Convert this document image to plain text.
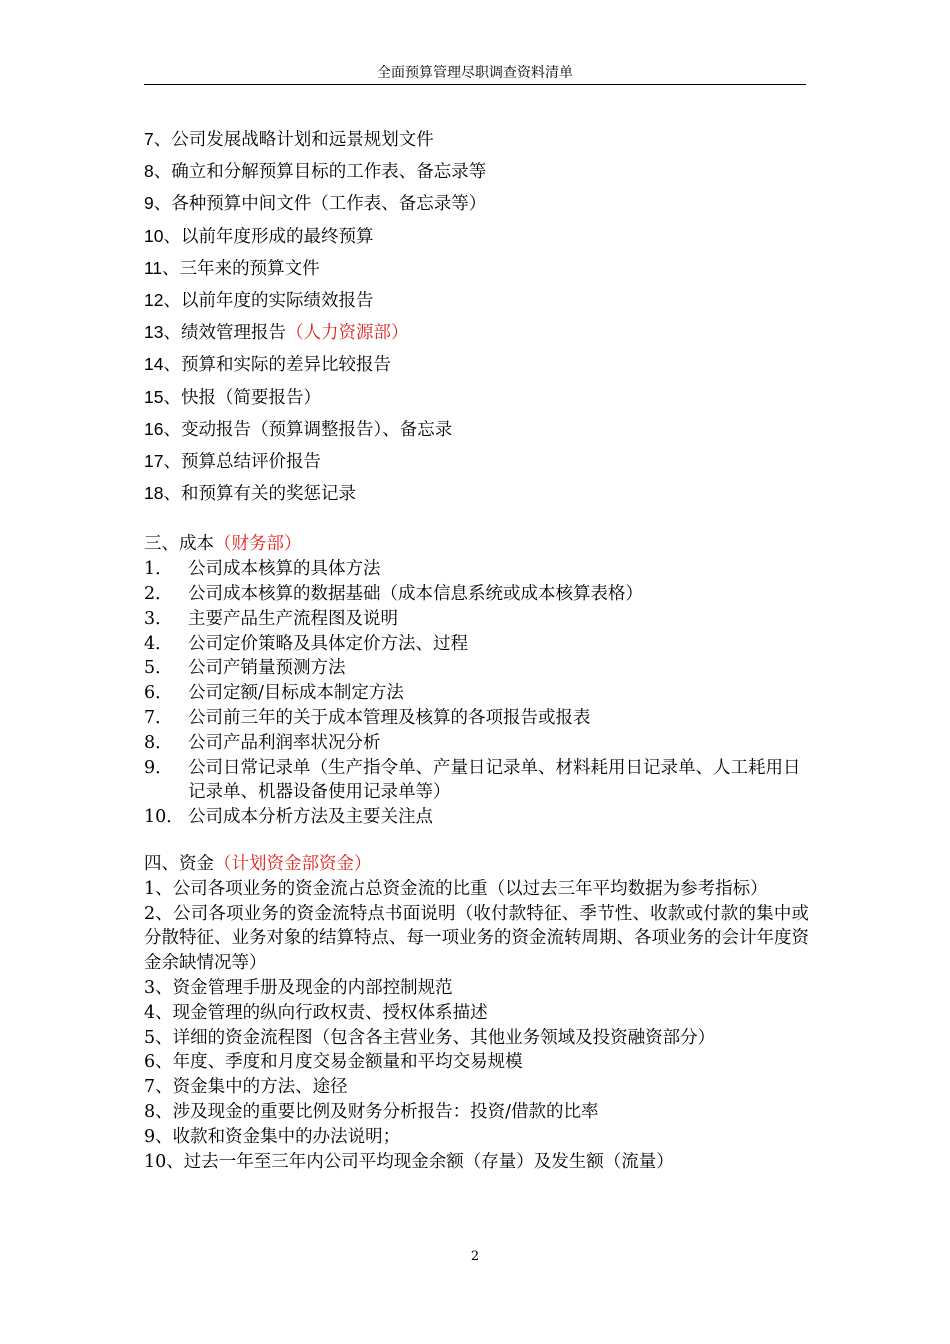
全面预算管理尽职调查资料清单
7、公司发展战略计划和远景规划文件
8、确立和分解预算目标的工作表、备忘录等
9、各种预算中间文件（工作表、备忘录等）
10、以前年度形成的最终预算
11、三年来的预算文件
12、以前年度的实际绩效报告
13、绩效管理报告（人力资源部）
14、预算和实际的差异比较报告
15、快报（简要报告）
16、变动报告（预算调整报告）、备忘录
17、预算总结评价报告
18、和预算有关的奖惩记录
三、成本（财务部）
1． 公司成本核算的具体方法
2． 公司成本核算的数据基础（成本信息系统或成本核算表格）
3． 主要产品生产流程图及说明
4． 公司定价策略及具体定价方法、过程
5． 公司产销量预测方法
6． 公司定额/目标成本制定方法
7． 公司前三年的关于成本管理及核算的各项报告或报表
8． 公司产品利润率状况分析
9． 公司日常记录单（生产指令单、产量日记录单、材料耗用日记录单、人工耗用日记录单、机器设备使用记录单等）
10． 公司成本分析方法及主要关注点
四、资金（计划资金部资金）
1、公司各项业务的资金流占总资金流的比重（以过去三年平均数据为参考指标）
2、公司各项业务的资金流特点书面说明（收付款特征、季节性、收款或付款的集中或分散特征、业务对象的结算特点、每一项业务的资金流转周期、各项业务的会计年度资金余缺情况等）
3、资金管理手册及现金的内部控制规范
4、现金管理的纵向行政权责、授权体系描述
5、详细的资金流程图（包含各主营业务、其他业务领域及投资融资部分）
6、年度、季度和月度交易金额量和平均交易规模
7、资金集中的方法、途径
8、涉及现金的重要比例及财务分析报告：投资/借款的比率
9、收款和资金集中的办法说明；
10、过去一年至三年内公司平均现金余额（存量）及发生额（流量）
2
